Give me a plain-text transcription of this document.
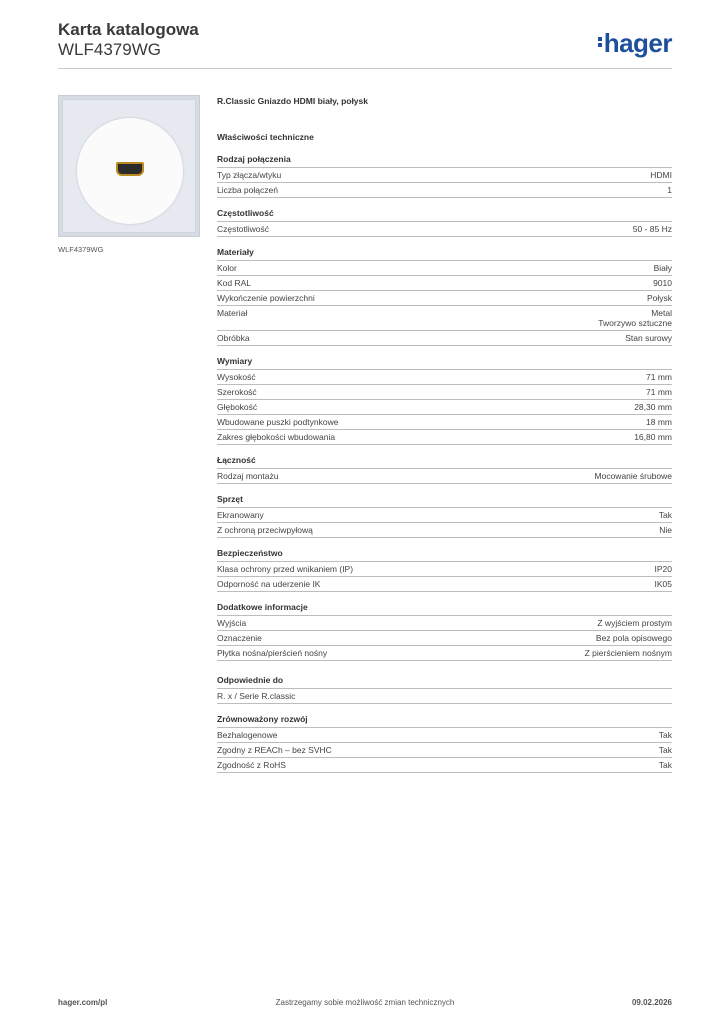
Karta katalogowa
WLF4379WG	hager
WLF4379WG
R.Classic Gniazdo HDMI biały, połysk
Właściwości techniczne
Rodzaj połączenia
Typ złącza/wtyku	HDMI
Liczba połączeń	1
Częstotliwość
Częstotliwość	50 - 85 Hz
Materiały
Kolor	Biały
Kod RAL	9010
Wykończenie powierzchni	Połysk
Materiał	Metal
Tworzywo sztuczne
Obróbka	Stan surowy
Wymiary
Wysokość	71 mm
Szerokość	71 mm
Głębokość	28,30 mm
Wbudowane puszki podtynkowe	18 mm
Zakres głębokości wbudowania	16,80 mm
Łączność
Rodzaj montażu	Mocowanie śrubowe
Sprzęt
Ekranowany	Tak
Z ochroną przeciwpyłową	Nie
Bezpieczeństwo
Klasa ochrony przed wnikaniem (IP)	IP20
Odporność na uderzenie IK	IK05
Dodatkowe informacje
Wyjścia	Z wyjściem prostym
Oznaczenie	Bez pola opisowego
Płytka nośna/pierścień nośny	Z pierścieniem nośnym
Odpowiednie do
R. x / Serie R.classic
Zrównoważony rozwój
Bezhalogenowe	Tak
Zgodny z REACh – bez SVHC	Tak
Zgodność z RoHS	Tak
hager.com/pl	Zastrzegamy sobie możliwość zmian technicznych	09.02.2026
